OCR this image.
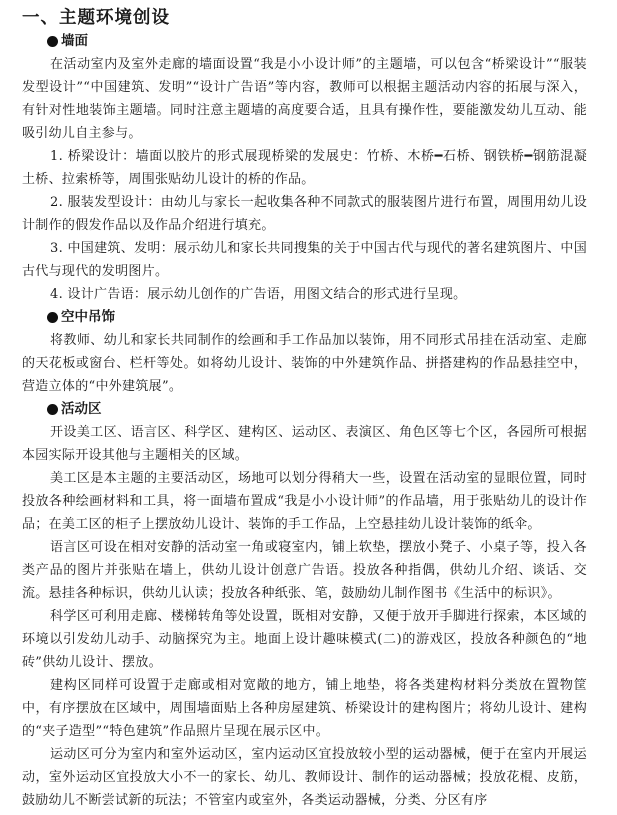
一、主题环境创设
墙面

在活动室内及室外走廊的墙面设置“我是小小设计师”的主题墙，可以包含“桥梁设计”“服装发型设计”“中国建筑、发明”“设计广告语”等内容，教师可以根据主题活动内容的拓展与深入，有针对性地装饰主题墙。同时注意主题墙的高度要合适，且具有操作性，要能激发幼儿互动、能吸引幼儿自主参与。

1. 桥梁设计：墙面以胶片的形式展现桥梁的发展史：竹桥、木桥━石桥、钢铁桥━钢筋混凝土桥、拉索桥等，周围张贴幼儿设计的桥的作品。

2. 服装发型设计：由幼儿与家长一起收集各种不同款式的服装图片进行布置，周围用幼儿设计制作的假发作品以及作品介绍进行填充。

3. 中国建筑、发明：展示幼儿和家长共同搜集的关于中国古代与现代的著名建筑图片、中国古代与现代的发明图片。

4. 设计广告语：展示幼儿创作的广告语，用图文结合的形式进行呈现。

空中吊饰

将教师、幼儿和家长共同制作的绘画和手工作品加以装饰，用不同形式吊挂在活动室、走廊的天花板或窗台、栏杆等处。如将幼儿设计、装饰的中外建筑作品、拼搭建构的作品悬挂空中，营造立体的“中外建筑展”。

活动区

开设美工区、语言区、科学区、建构区、运动区、表演区、角色区等七个区，各园所可根据本园实际开设其他与主题相关的区域。

美工区是本主题的主要活动区，场地可以划分得稍大一些，设置在活动室的显眼位置，同时投放各种绘画材料和工具，将一面墙布置成“我是小小设计师”的作品墙，用于张贴幼儿的设计作品；在美工区的柜子上摆放幼儿设计、装饰的手工作品，上空悬挂幼儿设计装饰的纸伞。

语言区可设在相对安静的活动室一角或寝室内，铺上软垫，摆放小凳子、小桌子等，投入各类产品的图片并张贴在墙上，供幼儿设计创意广告语。投放各种指偶，供幼儿介绍、谈话、交流。悬挂各种标识，供幼儿认读；投放各种纸张、笔，鼓励幼儿制作图书《生活中的标识》。

科学区可利用走廊、楼梯转角等处设置，既相对安静，又便于放开手脚进行探索，本区域的环境以引发幼儿动手、动脑探究为主。地面上设计趣味模式(二)的游戏区，投放各种颜色的“地砖”供幼儿设计、摆放。

建构区同样可设置于走廊或相对宽敞的地方，铺上地垫，将各类建构材料分类放在置物筐中，有序摆放在区域中，周围墙面贴上各种房屋建筑、桥梁设计的建构图片；将幼儿设计、建构的“夹子造型”“特色建筑”作品照片呈现在展示区中。

运动区可分为室内和室外运动区，室内运动区宜投放较小型的运动器械，便于在室内开展运动，室外运动区宜投放大小不一的家长、幼儿、教师设计、制作的运动器械；投放花棍、皮筋，鼓励幼儿不断尝试新的玩法；不管室内或室外，各类运动器械，分类、分区有序
